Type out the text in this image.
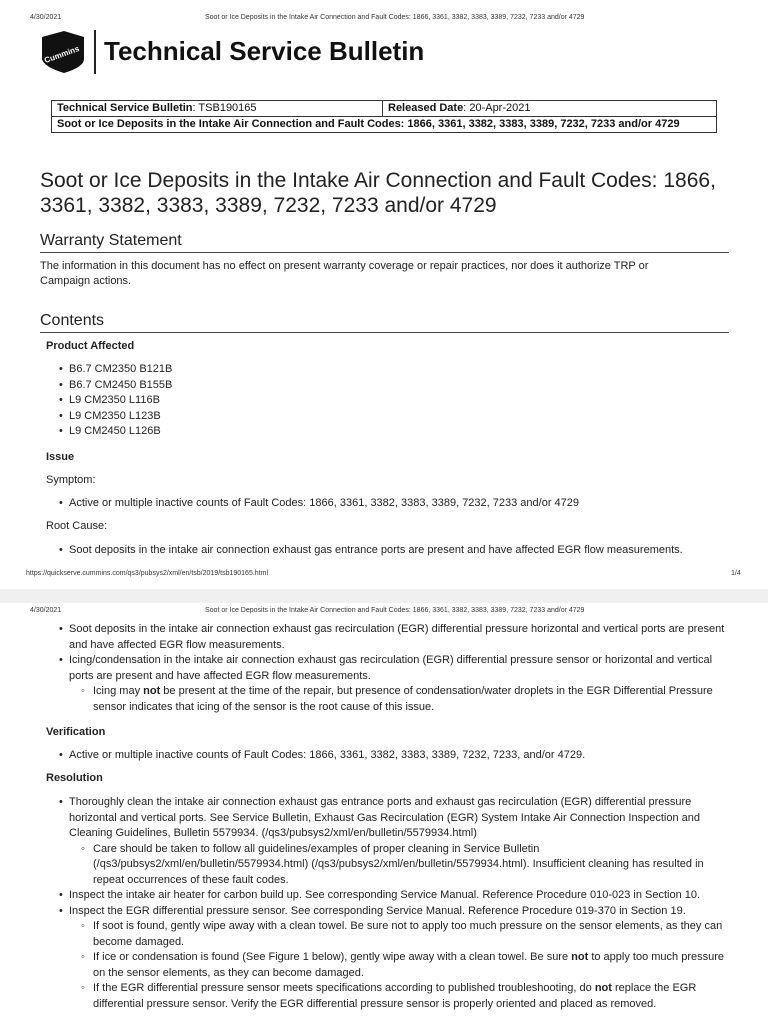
4/30/2021	Soot or Ice Deposits in the Intake Air Connection and Fault Codes: 1866, 3361, 3382, 3383, 3389, 7232, 7233 and/or 4729
Cummins Technical Service Bulletin
Technical Service Bulletin: TSB190165	Released Date: 20-Apr-2021
Soot or Ice Deposits in the Intake Air Connection and Fault Codes: 1866, 3361, 3382, 3383, 3389, 7232, 7233 and/or 4729
Soot or Ice Deposits in the Intake Air Connection and Fault Codes: 1866, 3361, 3382, 3383, 3389, 7232, 7233 and/or 4729
Warranty Statement
The information in this document has no effect on present warranty coverage or repair practices, nor does it authorize TRP or Campaign actions.
Contents
Product Affected
• B6.7 CM2350 B121B
• B6.7 CM2450 B155B
• L9 CM2350 L116B
• L9 CM2350 L123B
• L9 CM2450 L126B
Issue
Symptom:
• Active or multiple inactive counts of Fault Codes: 1866, 3361, 3382, 3383, 3389, 7232, 7233 and/or 4729
Root Cause:
• Soot deposits in the intake air connection exhaust gas entrance ports are present and have affected EGR flow measurements.
https://quickserve.cummins.com/qs3/pubsys2/xml/en/tsb/2019/tsb190165.html	1/4
4/30/2021	Soot or Ice Deposits in the Intake Air Connection and Fault Codes: 1866, 3361, 3382, 3383, 3389, 7232, 7233 and/or 4729
• Soot deposits in the intake air connection exhaust gas recirculation (EGR) differential pressure horizontal and vertical ports are present and have affected EGR flow measurements.
• Icing/condensation in the intake air connection exhaust gas recirculation (EGR) differential pressure sensor or horizontal and vertical ports are present and have affected EGR flow measurements.
◦ Icing may not be present at the time of the repair, but presence of condensation/water droplets in the EGR Differential Pressure sensor indicates that icing of the sensor is the root cause of this issue.
Verification
• Active or multiple inactive counts of Fault Codes: 1866, 3361, 3382, 3383, 3389, 7232, 7233, and/or 4729.
Resolution
• Thoroughly clean the intake air connection exhaust gas entrance ports and exhaust gas recirculation (EGR) differential pressure horizontal and vertical ports. See Service Bulletin, Exhaust Gas Recirculation (EGR) System Intake Air Connection Inspection and Cleaning Guidelines, Bulletin 5579934. (/qs3/pubsys2/xml/en/bulletin/5579934.html)
◦ Care should be taken to follow all guidelines/examples of proper cleaning in Service Bulletin (/qs3/pubsys2/xml/en/bulletin/5579934.html) (/qs3/pubsys2/xml/en/bulletin/5579934.html). Insufficient cleaning has resulted in repeat occurrences of these fault codes.
• Inspect the intake air heater for carbon build up. See corresponding Service Manual. Reference Procedure 010-023 in Section 10.
• Inspect the EGR differential pressure sensor. See corresponding Service Manual. Reference Procedure 019-370 in Section 19.
◦ If soot is found, gently wipe away with a clean towel. Be sure not to apply too much pressure on the sensor elements, as they can become damaged.
◦ If ice or condensation is found (See Figure 1 below), gently wipe away with a clean towel. Be sure not to apply too much pressure on the sensor elements, as they can become damaged.
◦ If the EGR differential pressure sensor meets specifications according to published troubleshooting, do not replace the EGR differential pressure sensor. Verify the EGR differential pressure sensor is properly oriented and placed as removed.
